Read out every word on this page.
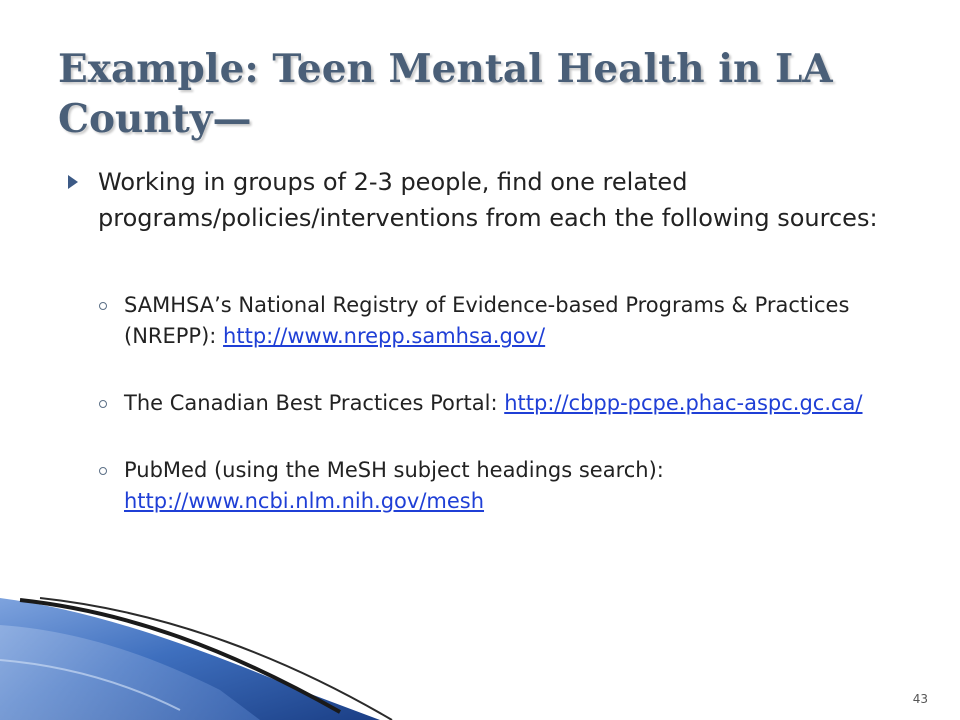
Example: Teen Mental Health in LA County—
Working in groups of 2-3 people, find one related programs/policies/interventions from each the following sources:
SAMHSA’s National Registry of Evidence-based Programs & Practices (NREPP): http://www.nrepp.samhsa.gov/
The Canadian Best Practices Portal: http://cbpp-pcpe.phac-aspc.gc.ca/
PubMed (using the MeSH subject headings search):
http://www.ncbi.nlm.nih.gov/mesh
43
